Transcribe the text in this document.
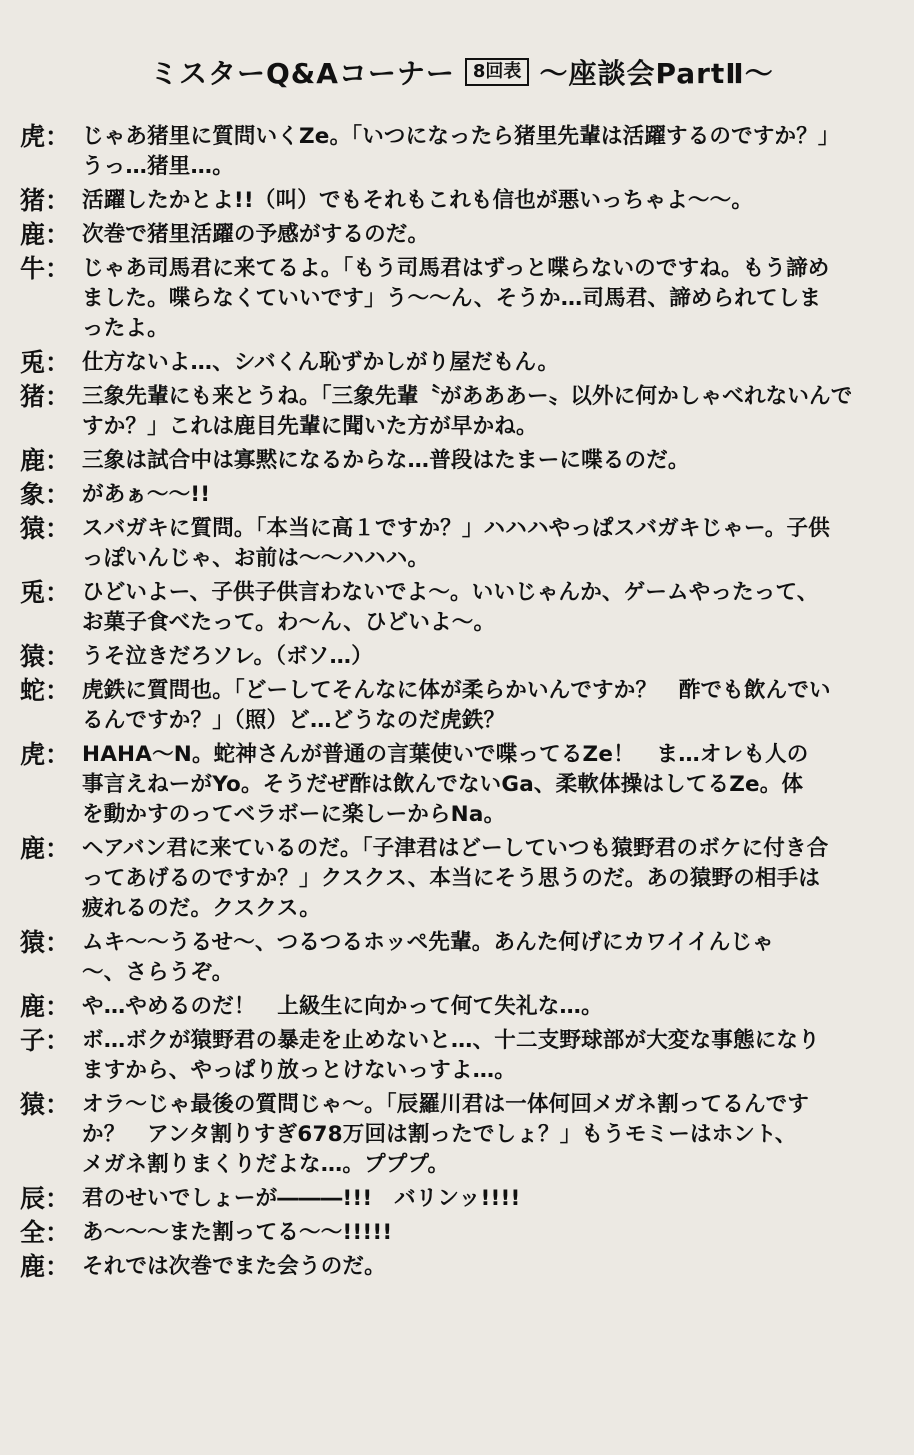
ミスターQ&Aコーナー	8回表 ～座談会PartⅡ～
虎： じゃあ猪里に質問いくZe。「いつになったら猪里先輩は活躍するのですか？」
うっ…猪里…。
猪： 活躍したかとよ!!（叫）でもそれもこれも信也が悪いっちゃよ～～。
鹿： 次巻で猪里活躍の予感がするのだ。
牛： じゃあ司馬君に来てるよ。「もう司馬君はずっと喋らないのですね。もう諦め
ました。喋らなくていいです」う～～ん、そうか…司馬君、諦められてしま
ったよ。
兎： 仕方ないよ…、シバくん恥ずかしがり屋だもん。
猪： 三象先輩にも来とうね。「三象先輩〝があああー〟以外に何かしゃべれないんで
すか？」これは鹿目先輩に聞いた方が早かね。
鹿： 三象は試合中は寡黙になるからな…普段はたまーに喋るのだ。
象： があぁ～～!!
猿： スバガキに質問。「本当に高１ですか？」ハハハやっぱスバガキじゃー。子供
っぽいんじゃ、お前は～～ハハハ。
兎： ひどいよー、子供子供言わないでよ～。いいじゃんか、ゲームやったって、
お菓子食べたって。わ～ん、ひどいよ～。
猿： うそ泣きだろソレ。（ボソ…）
蛇： 虎鉄に質問也。「どーしてそんなに体が柔らかいんですか？　酢でも飲んでい
るんですか？」（照）ど…どうなのだ虎鉄？
虎： HAHA～N。蛇神さんが普通の言葉使いで喋ってるZe！　ま…オレも人の
事言えねーがYo。そうだぜ酢は飲んでないGa、柔軟体操はしてるZe。体
を動かすのってベラボーに楽しーからNa。
鹿： ヘアバン君に来ているのだ。「子津君はどーしていつも猿野君のボケに付き合
ってあげるのですか？」クスクス、本当にそう思うのだ。あの猿野の相手は
疲れるのだ。クスクス。
猿： ムキ～～うるせ～、つるつるホッペ先輩。あんた何げにカワイイんじゃ
～、さらうぞ。
鹿： や…やめるのだ！　上級生に向かって何て失礼な…。
子： ボ…ボクが猿野君の暴走を止めないと…、十二支野球部が大変な事態になり
ますから、やっぱり放っとけないっすよ…。
猿： オラ～じゃ最後の質問じゃ～。「辰羅川君は一体何回メガネ割ってるんです
か？　アンタ割りすぎ678万回は割ったでしょ？」もうモミーはホント、
メガネ割りまくりだよな…。プププ。
辰： 君のせいでしょーが―――!!!　バリンッ!!!!
全： あ～～～また割ってる～～!!!!!
鹿： それでは次巻でまた会うのだ。
